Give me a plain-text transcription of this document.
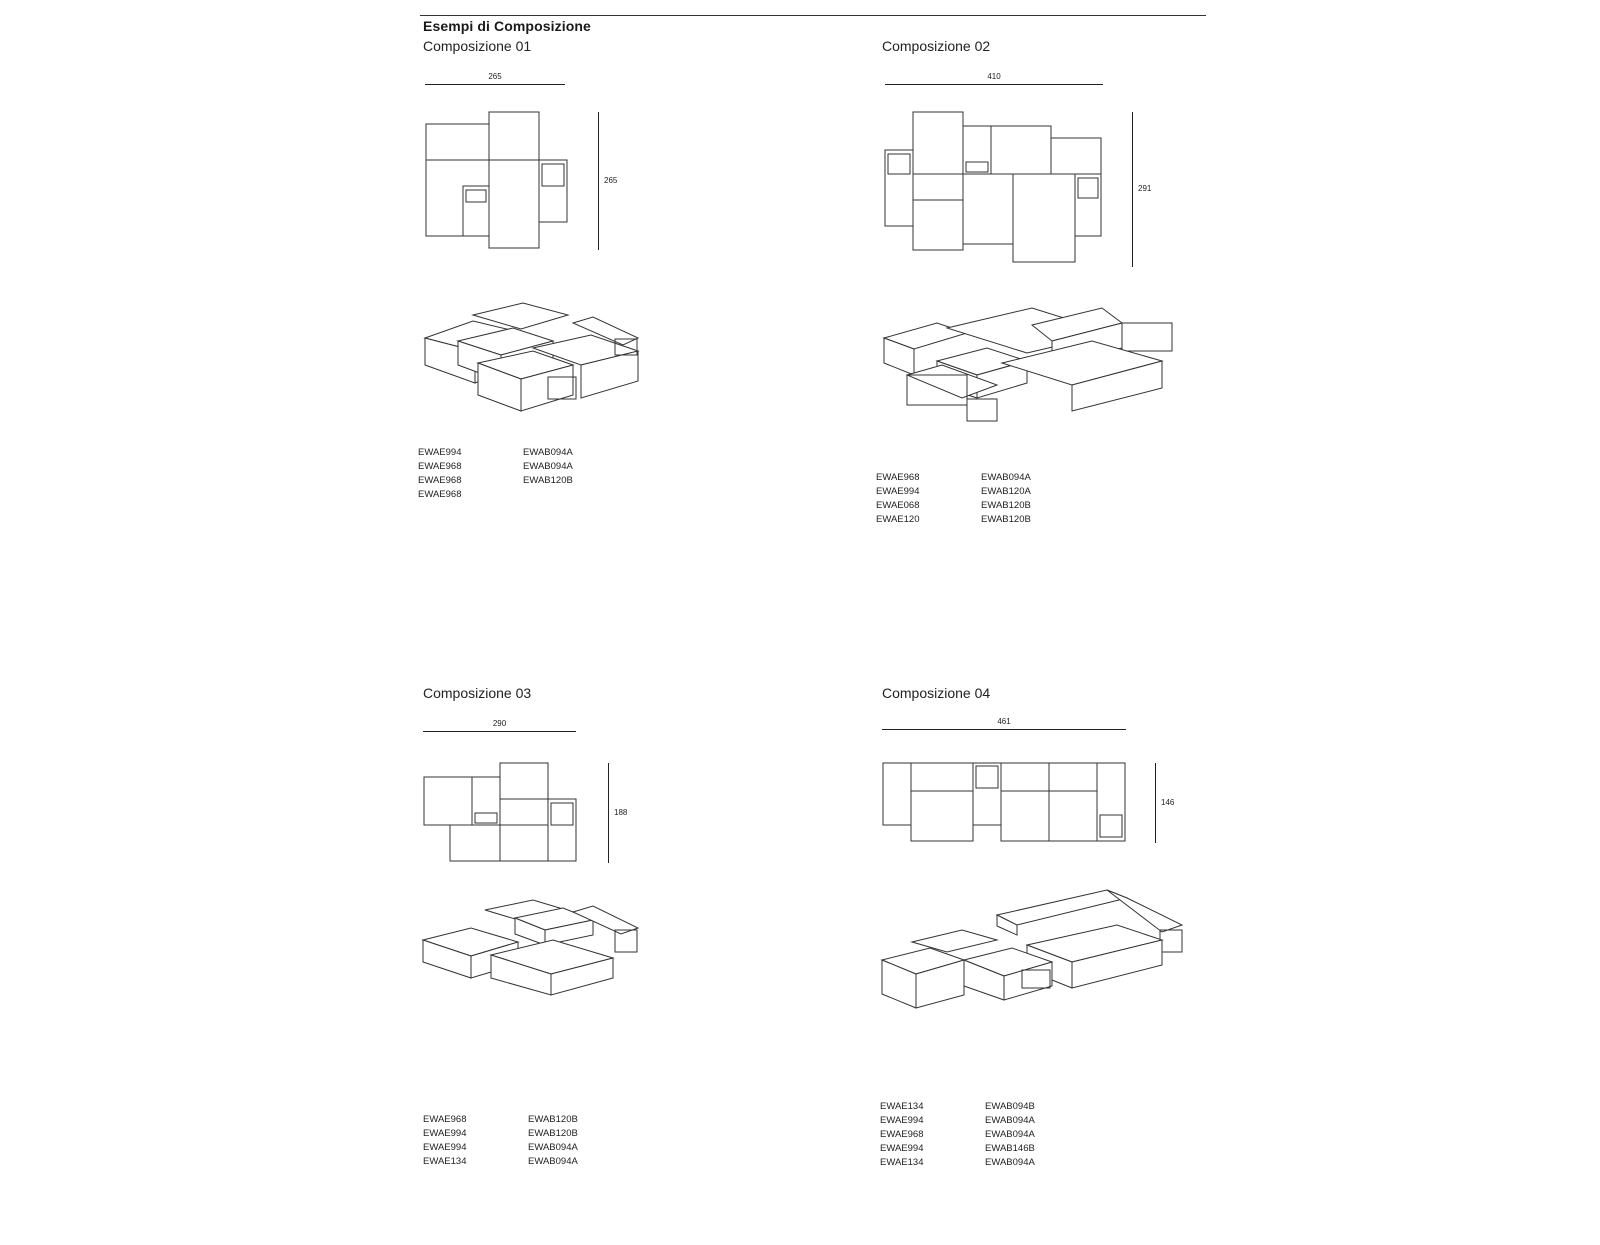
Esempi di Composizione
Composizione 01
265
265
EWAE994
EWAE968
EWAE968
EWAE968
EWAB094A
EWAB094A
EWAB120B
Composizione 02
410
291
EWAE968
EWAE994
EWAE068
EWAE120
EWAB094A
EWAB120A
EWAB120B
EWAB120B
Composizione 03
290
188
EWAE968
EWAE994
EWAE994
EWAE134
EWAB120B
EWAB120B
EWAB094A
EWAB094A
Composizione 04
461
146
EWAE134
EWAE994
EWAE968
EWAE994
EWAE134
EWAB094B
EWAB094A
EWAB094A
EWAB146B
EWAB094A
